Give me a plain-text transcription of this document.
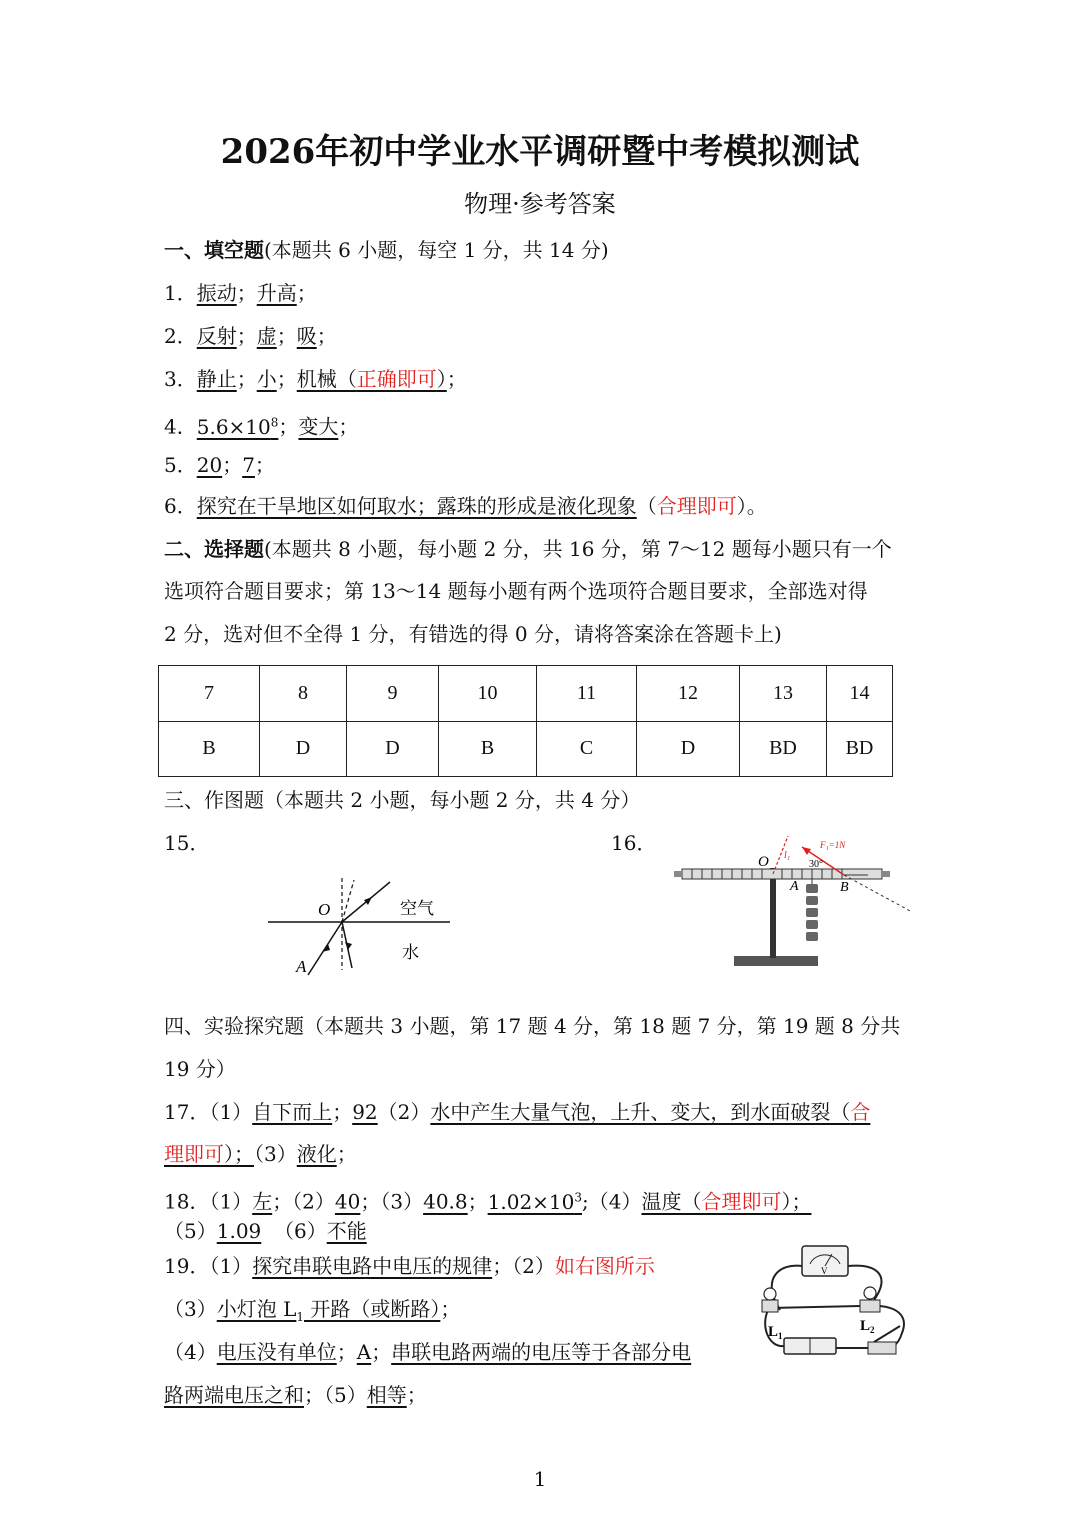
2026年初中学业水平调研暨中考模拟测试
物理·参考答案
一、填空题(本题共 6 小题，每空 1 分，共 14 分)
1．振动；升高；
2．反射；虚；吸；
3．静止；小；机械（正确即可）；
4．$5.6\times 10^8$；变大；
5．20；7；
6．探究在干旱地区如何取水；露珠的形成是液化现象（合理即可）。
二、选择题(本题共 8 小题，每小题 2 分，共 16 分，第 7～12 题每小题只有一个
选项符合题目要求；第 13～14 题每小题有两个选项符合题目要求，全部选对得
2 分，选对但不全得 1 分，有错选的得 0 分，请将答案涂在答题卡上)
7	8	9	10	11	12	13	14
B	D	D	B	C	D	BD	BD
三、作图题（本题共 2 小题，每小题 2 分，共 4 分）
15．	16．
O
A
空气
水
O
A	B
F₁=1N
30°
l₁
四、实验探究题（本题共 3 小题，第 17 题 4 分，第 18 题 7 分，第 19 题 8 分共
19 分）
17．（1）自下而上；92（2）水中产生大量气泡，上升、变大，到水面破裂（合
理即可）；（3）液化；
18．（1）左；（2）40；（3）40.8；$1.02\times 10^3;(4)$温度（合理即可）；
（5）1.09 （6）不能
19．（1）探究串联电路中电压的规律；（2）如右图所示
（3）小灯泡 $L_1$ 开路（或断路）；
（4）电压没有单位；A；串联电路两端的电压等于各部分电
路两端电压之和；（5）相等；
V
$L_1$
$L_2$
1
